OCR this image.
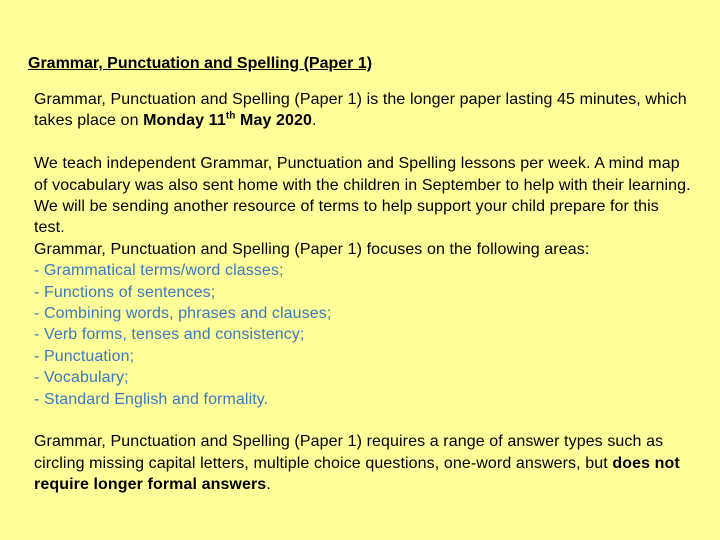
Grammar, Punctuation and Spelling (Paper 1)

Grammar, Punctuation and Spelling (Paper 1) is the longer paper lasting 45 minutes, which takes place on Monday 11th May 2020.

We teach independent Grammar, Punctuation and Spelling lessons per week. A mind map of vocabulary was also sent home with the children in September to help with their learning. We will be sending another resource of terms to help support your child prepare for this test.

Grammar, Punctuation and Spelling (Paper 1) focuses on the following areas:

- Grammatical terms/word classes;

- Functions of sentences;

- Combining words, phrases and clauses;

- Verb forms, tenses and consistency;

- Punctuation;

- Vocabulary;

- Standard English and formality.

Grammar, Punctuation and Spelling (Paper 1) requires a range of answer types such as circling missing capital letters, multiple choice questions, one-word answers, but does not require longer formal answers.
